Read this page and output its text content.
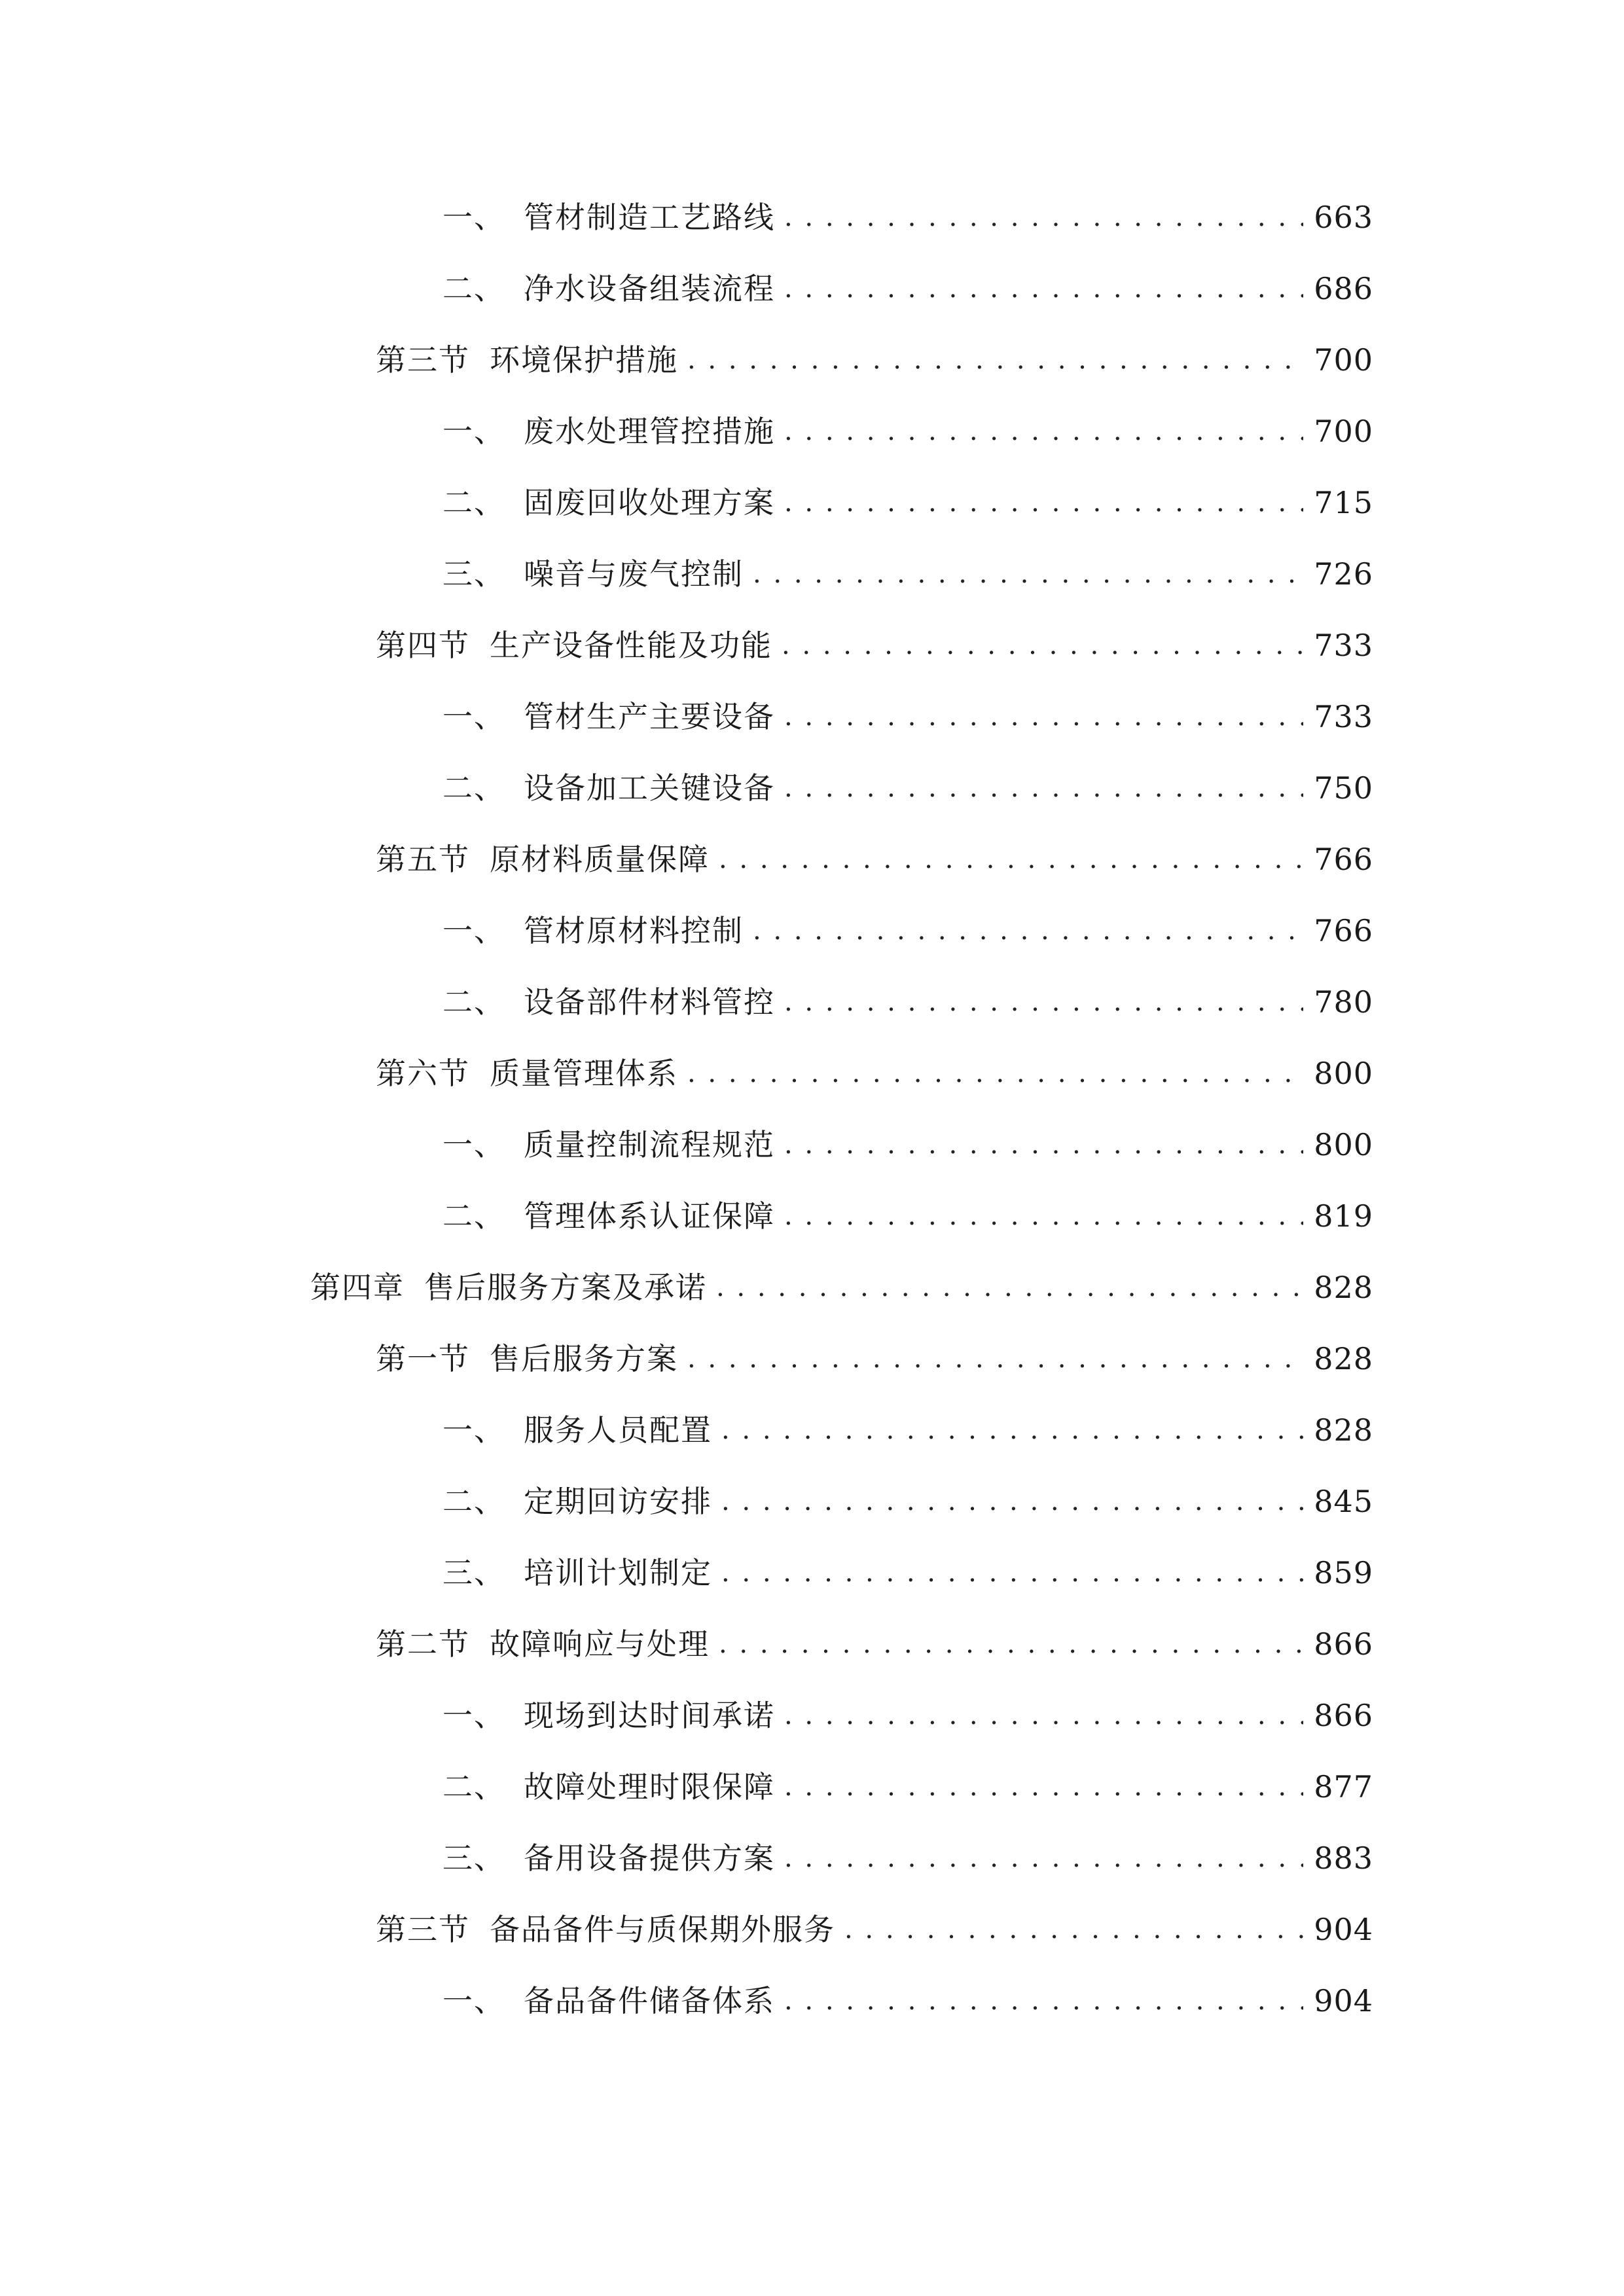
一、 管材制造工艺路线 . . .	663
二、 净水设备组装流程 . . .	686
第三节 环境保护措施 . . .	700
一、 废水处理管控措施 . . .	700
二、 固废回收处理方案 . . .	715
三、 噪音与废气控制 . . .	726
第四节 生产设备性能及功能 . . .	733
一、 管材生产主要设备 . . .	733
二、 设备加工关键设备 . . .	750
第五节 原材料质量保障 . . .	766
一、 管材原材料控制 . . .	766
二、 设备部件材料管控 . . .	780
第六节 质量管理体系 . . .	800
一、 质量控制流程规范 . . .	800
二、 管理体系认证保障 . . .	819
第四章 售后服务方案及承诺 . . .	828
第一节 售后服务方案 . . .	828
一、 服务人员配置 . . .	828
二、 定期回访安排 . . .	845
三、 培训计划制定 . . .	859
第二节 故障响应与处理 . . .	866
一、 现场到达时间承诺 . . .	866
二、 故障处理时限保障 . . .	877
三、 备用设备提供方案 . . .	883
第三节 备品备件与质保期外服务 . . .	904
一、 备品备件储备体系 . . .	904
